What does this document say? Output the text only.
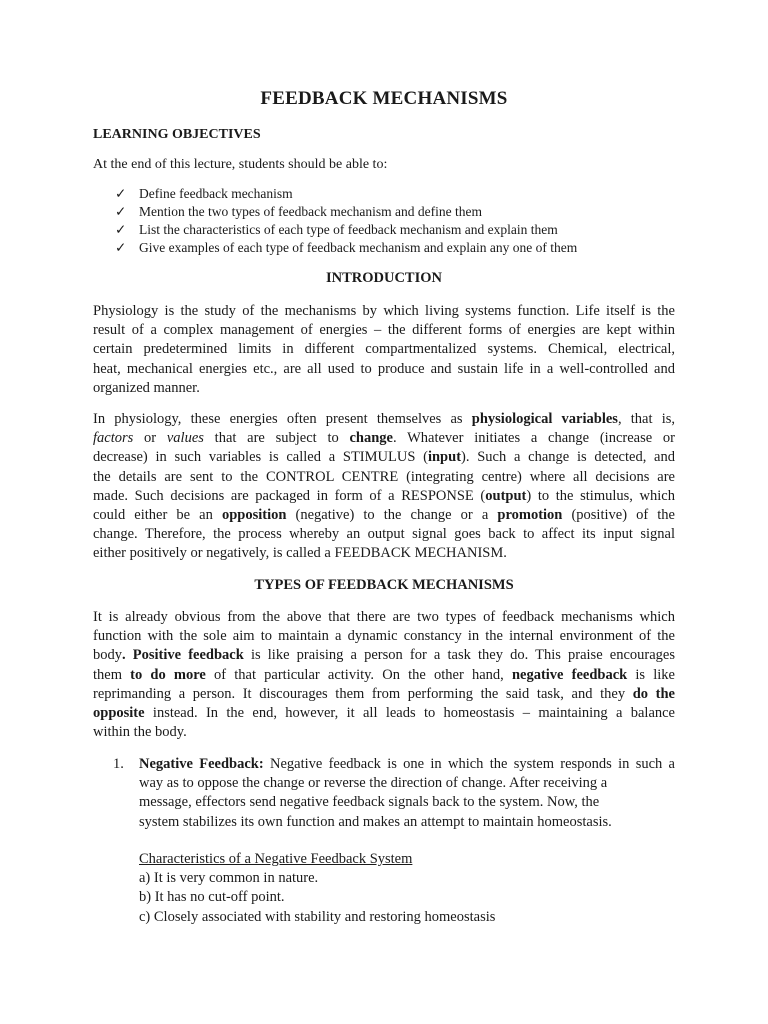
FEEDBACK MECHANISMS
LEARNING OBJECTIVES
At the end of this lecture, students should be able to:
✓ Define feedback mechanism
✓ Mention the two types of feedback mechanism and define them
✓ List the characteristics of each type of feedback mechanism and explain them
✓ Give examples of each type of feedback mechanism and explain any one of them
INTRODUCTION
Physiology is the study of the mechanisms by which living systems function. Life itself is the
result of a complex management of energies – the different forms of energies are kept within
certain predetermined limits in different compartmentalized systems. Chemical, electrical,
heat, mechanical energies etc., are all used to produce and sustain life in a well-controlled and
organized manner.
In physiology, these energies often present themselves as physiological variables, that is,
factors or values that are subject to change. Whatever initiates a change (increase or
decrease) in such variables is called a STIMULUS (input). Such a change is detected, and
the details are sent to the CONTROL CENTRE (integrating centre) where all decisions are
made. Such decisions are packaged in form of a RESPONSE (output) to the stimulus, which
could either be an opposition (negative) to the change or a promotion (positive) of the
change. Therefore, the process whereby an output signal goes back to affect its input signal
either positively or negatively, is called a FEEDBACK MECHANISM.
TYPES OF FEEDBACK MECHANISMS
It is already obvious from the above that there are two types of feedback mechanisms which
function with the sole aim to maintain a dynamic constancy in the internal environment of the
body. Positive feedback is like praising a person for a task they do. This praise encourages
them to do more of that particular activity. On the other hand, negative feedback is like
reprimanding a person. It discourages them from performing the said task, and they do the
opposite instead. In the end, however, it all leads to homeostasis – maintaining a balance
within the body.
1. Negative Feedback: Negative feedback is one in which the system responds in such a
way as to oppose the change or reverse the direction of change. After receiving a
message, effectors send negative feedback signals back to the system. Now, the
system stabilizes its own function and makes an attempt to maintain homeostasis.
Characteristics of a Negative Feedback System
a) It is very common in nature.
b) It has no cut-off point.
c) Closely associated with stability and restoring homeostasis
